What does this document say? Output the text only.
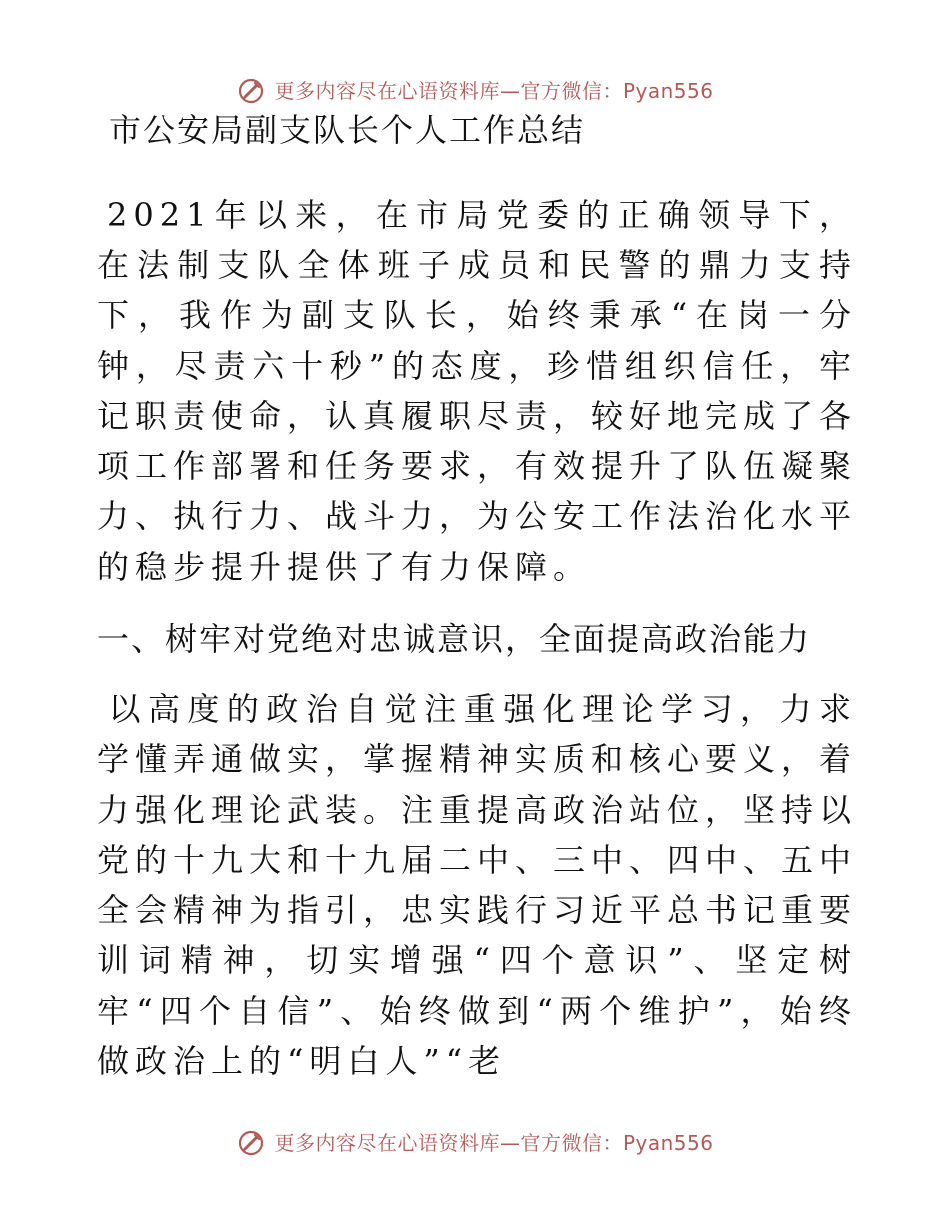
更多内容尽在心语资料库—官方微信：Pyan556
市公安局副支队长个人工作总结

2021年以来，在市局党委的正确领导下，在法制支队全体班子成员和民警的鼎力支持下，我作为副支队长，始终秉承“在岗一分钟，尽责六十秒”的态度，珍惜组织信任，牢记职责使命，认真履职尽责，较好地完成了各项工作部署和任务要求，有效提升了队伍凝聚力、执行力、战斗力，为公安工作法治化水平的稳步提升提供了有力保障。

一、树牢对党绝对忠诚意识，全面提高政治能力

以高度的政治自觉注重强化理论学习，力求学懂弄通做实，掌握精神实质和核心要义，着力强化理论武装。注重提高政治站位，坚持以党的十九大和十九届二中、三中、四中、五中全会精神为指引，忠实践行习近平总书记重要训词精神，切实增强“四个意识”、坚定树牢“四个自信”、始终做到“两个维护”，始终做政治上的“明白人”“老

更多内容尽在心语资料库—官方微信：Pyan556
